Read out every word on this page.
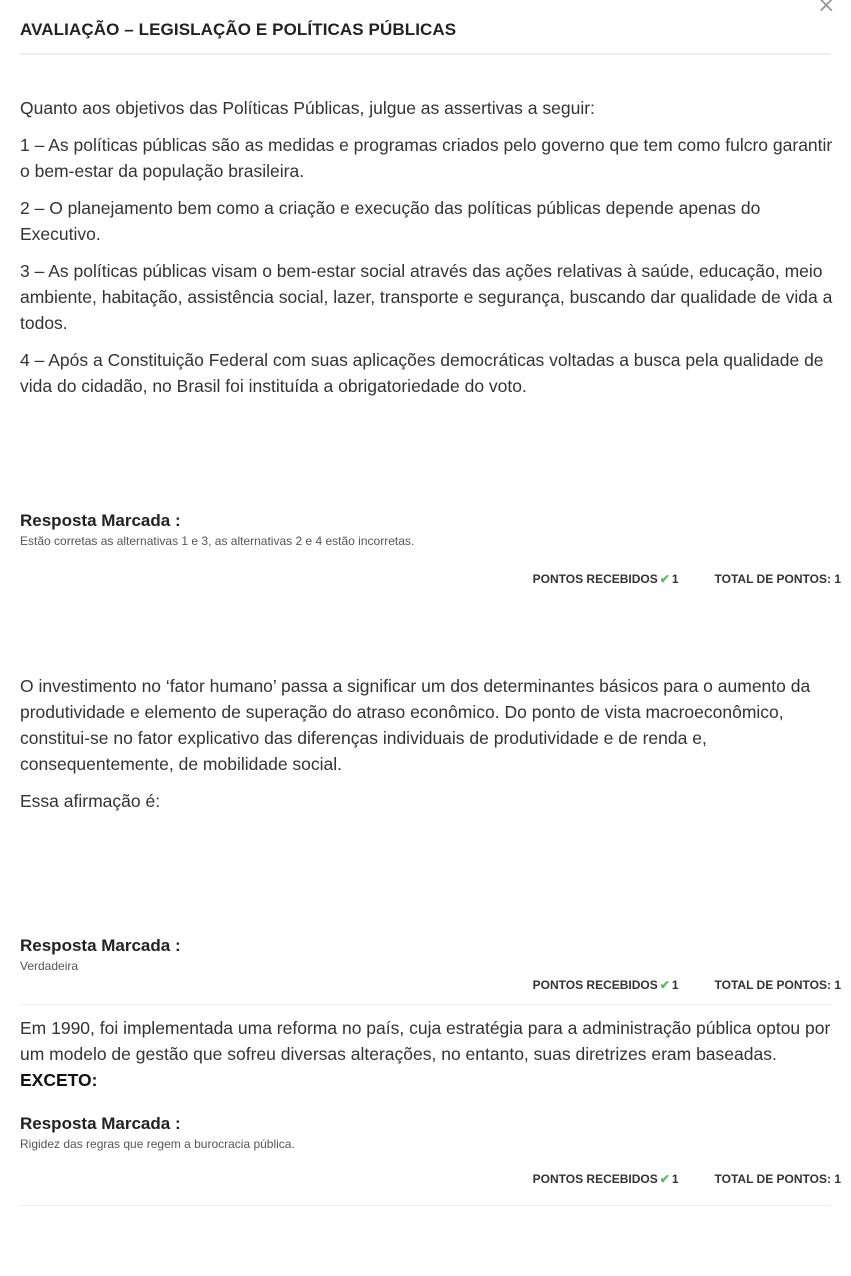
×
AVALIAÇÃO – LEGISLAÇÃO E POLÍTICAS PÚBLICAS

Quanto aos objetivos das Políticas Públicas, julgue as assertivas a seguir:

1 – As políticas públicas são as medidas e programas criados pelo governo que tem como fulcro garantir o bem-estar da população brasileira.

2 – O planejamento bem como a criação e execução das políticas públicas depende apenas do Executivo.

3 – As políticas públicas visam o bem-estar social através das ações relativas à saúde, educação, meio ambiente, habitação, assistência social, lazer, transporte e segurança, buscando dar qualidade de vida a todos.

4 – Após a Constituição Federal com suas aplicações democráticas voltadas a busca pela qualidade de vida do cidadão, no Brasil foi instituída a obrigatoriedade do voto.

Resposta Marcada :

Estão corretas as alternativas 1 e 3, as alternativas 2 e 4 estão incorretas.

PONTOS RECEBIDOS ✔ 1	TOTAL DE PONTOS: 1

O investimento no ‘fator humano’ passa a significar um dos determinantes básicos para o aumento da produtividade e elemento de superação do atraso econômico. Do ponto de vista macroeconômico, constitui-se no fator explicativo das diferenças individuais de produtividade e de renda e, consequentemente, de mobilidade social.

Essa afirmação é:

Resposta Marcada :

Verdadeira

PONTOS RECEBIDOS ✔ 1	TOTAL DE PONTOS: 1

Em 1990, foi implementada uma reforma no país, cuja estratégia para a administração pública optou por um modelo de gestão que sofreu diversas alterações, no entanto, suas diretrizes eram baseadas. EXCETO:

Resposta Marcada :

Rigidez das regras que regem a burocracia pública.

PONTOS RECEBIDOS ✔ 1	TOTAL DE PONTOS: 1
